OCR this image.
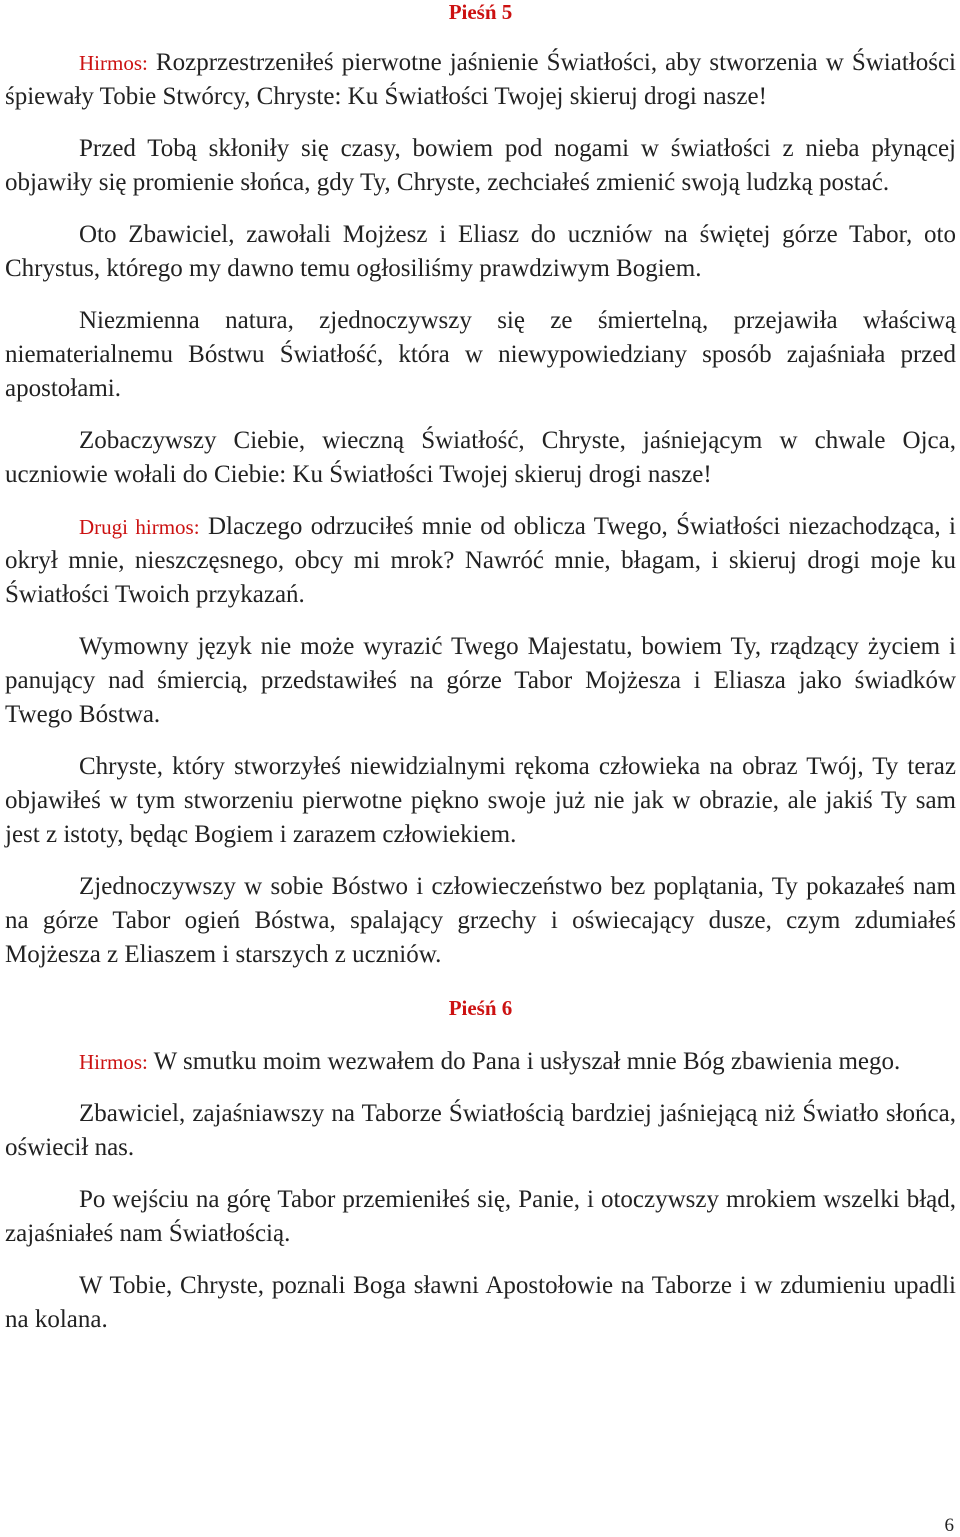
Pieśń 5

Hirmos: Rozprzestrzeniłeś pierwotne jaśnienie Światłości, aby stworzenia w Światłości śpiewały Tobie Stwórcy, Chryste: Ku Światłości Twojej skieruj drogi nasze!

Przed Tobą skłoniły się czasy, bowiem pod nogami w światłości z nieba płynącej objawiły się promienie słońca, gdy Ty, Chryste, zechciałeś zmienić swoją ludzką postać.

Oto Zbawiciel, zawołali Mojżesz i Eliasz do uczniów na świętej górze Tabor, oto Chrystus, którego my dawno temu ogłosiliśmy prawdziwym Bogiem.

Niezmienna natura, zjednoczywszy się ze śmiertelną, przejawiła właściwą niematerialnemu Bóstwu Światłość, która w niewypowiedziany sposób zajaśniała przed apostołami.

Zobaczywszy Ciebie, wieczną Światłość, Chryste, jaśniejącym w chwale Ojca, uczniowie wołali do Ciebie: Ku Światłości Twojej skieruj drogi nasze!

Drugi hirmos: Dlaczego odrzuciłeś mnie od oblicza Twego, Światłości niezachodząca, i okrył mnie, nieszczęsnego, obcy mi mrok? Nawróć mnie, błagam, i skieruj drogi moje ku Światłości Twoich przykazań.

Wymowny język nie może wyrazić Twego Majestatu, bowiem Ty, rządzący życiem i panujący nad śmiercią, przedstawiłeś na górze Tabor Mojżesza i Eliasza jako świadków Twego Bóstwa.

Chryste, który stworzyłeś niewidzialnymi rękoma człowieka na obraz Twój, Ty teraz objawiłeś w tym stworzeniu pierwotne piękno swoje już nie jak w obrazie, ale jakiś Ty sam jest z istoty, będąc Bogiem i zarazem człowiekiem.

Zjednoczywszy w sobie Bóstwo i człowieczeństwo bez poplątania, Ty pokazałeś nam na górze Tabor ogień Bóstwa, spalający grzechy i oświecający dusze, czym zdumiałeś Mojżesza z Eliaszem i starszych z uczniów.

Pieśń 6

Hirmos: W smutku moim wezwałem do Pana i usłyszał mnie Bóg zbawienia mego.

Zbawiciel, zajaśniawszy na Taborze Światłością bardziej jaśniejącą niż Światło słońca, oświecił nas.

Po wejściu na górę Tabor przemieniłeś się, Panie, i otoczywszy mrokiem wszelki błąd, zajaśniałeś nam Światłością.

W Tobie, Chryste, poznali Boga sławni Apostołowie na Taborze i w zdumieniu upadli na kolana.

6
